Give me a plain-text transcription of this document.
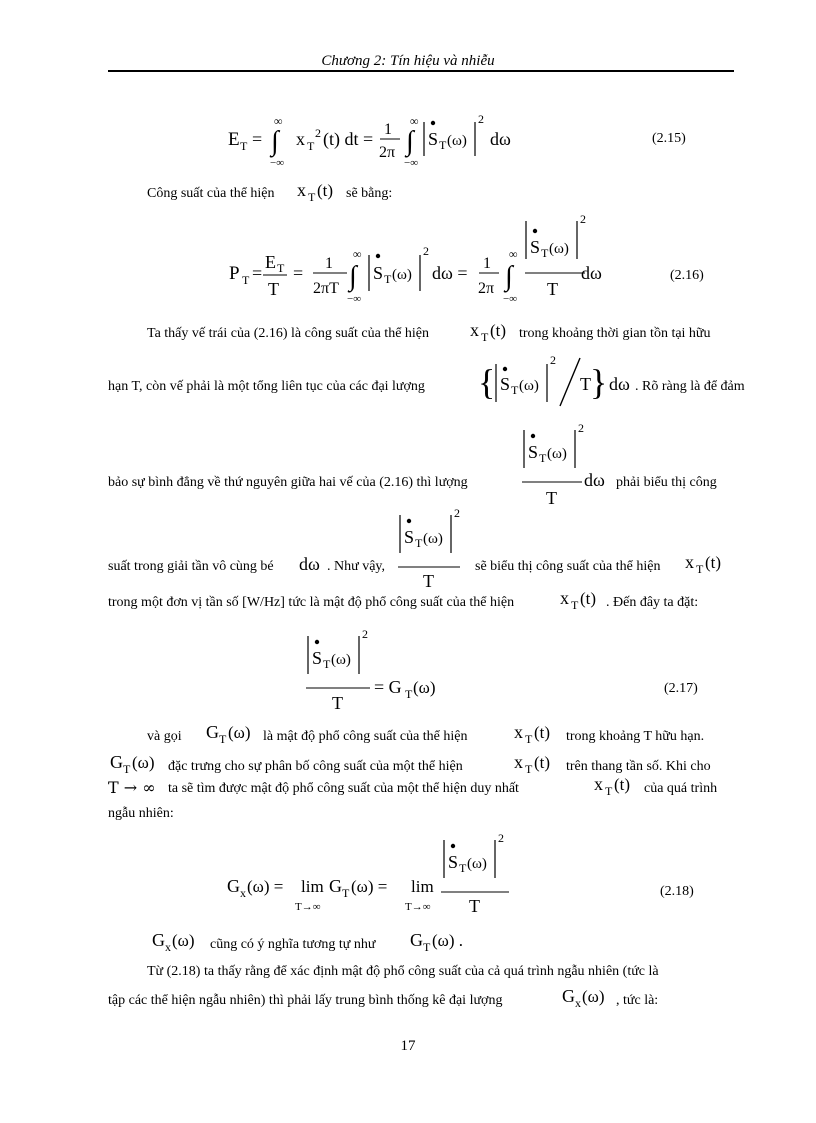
Chương 2: Tín hiệu và nhiễu
E T =
∞
∫
−∞
x T
2 (t) dt = 1
2π
∞
∫
−∞
S T (ω)
2
dω	(2.15)
Công suất của thể hiện x T (t) sẽ bằng:
P T =
E T
T
= 1
2πT
∞
∫
−∞
S T (ω)
2
dω = 1
2π
∞
∫
−∞
S T (ω)
2
T
dω	(2.16)
Ta thấy vế trái của (2.16) là công suất của thể hiện x T (t) trong khoảng thời gian tồn tại hữu
hạn T, còn vế phải là một tổng liên tục của các đại lượng { S T (ω)
2
T } dω . Rõ ràng là để đảm
bảo sự bình đẳng về thứ nguyên giữa hai vế của (2.16) thì lượng
S T (ω)
2
T
dω phải biểu thị công
suất trong giải tần vô cùng bé dω . Như vậy,
S T (ω)
2
T
sẽ biểu thị công suất của thể hiện x T (t)
trong một đơn vị tần số [W/Hz] tức là mật độ phổ công suất của thể hiện	x T (t) . Đến đây ta đặt:
S T (ω)
2
T
= G T (ω)	(2.17)
và gọi G T (ω) là mật độ phổ công suất của thể hiện	x T (t) trong khoảng T hữu hạn.
G T (ω) đặc trưng cho sự phân bố công suất của một thể hiện	x T (t) trên thang tần số. Khi cho
T → ∞ ta sẽ tìm được mật độ phổ công suất của một thể hiện duy nhất	x T (t) của quá trình
ngẫu nhiên:
G x (ω) = lim
T→∞
G T (ω) = lim
T→∞
S T (ω)
2
T
(2.18)
G x (ω) cũng có ý nghĩa tương tự như G T (ω) .
Từ (2.18) ta thấy rằng để xác định mật độ phổ công suất của cả quá trình ngẫu nhiên (tức là
tập các thể hiện ngẫu nhiên) thì phải lấy trung bình thống kê đại lượng	G x (ω) , tức là:
17
